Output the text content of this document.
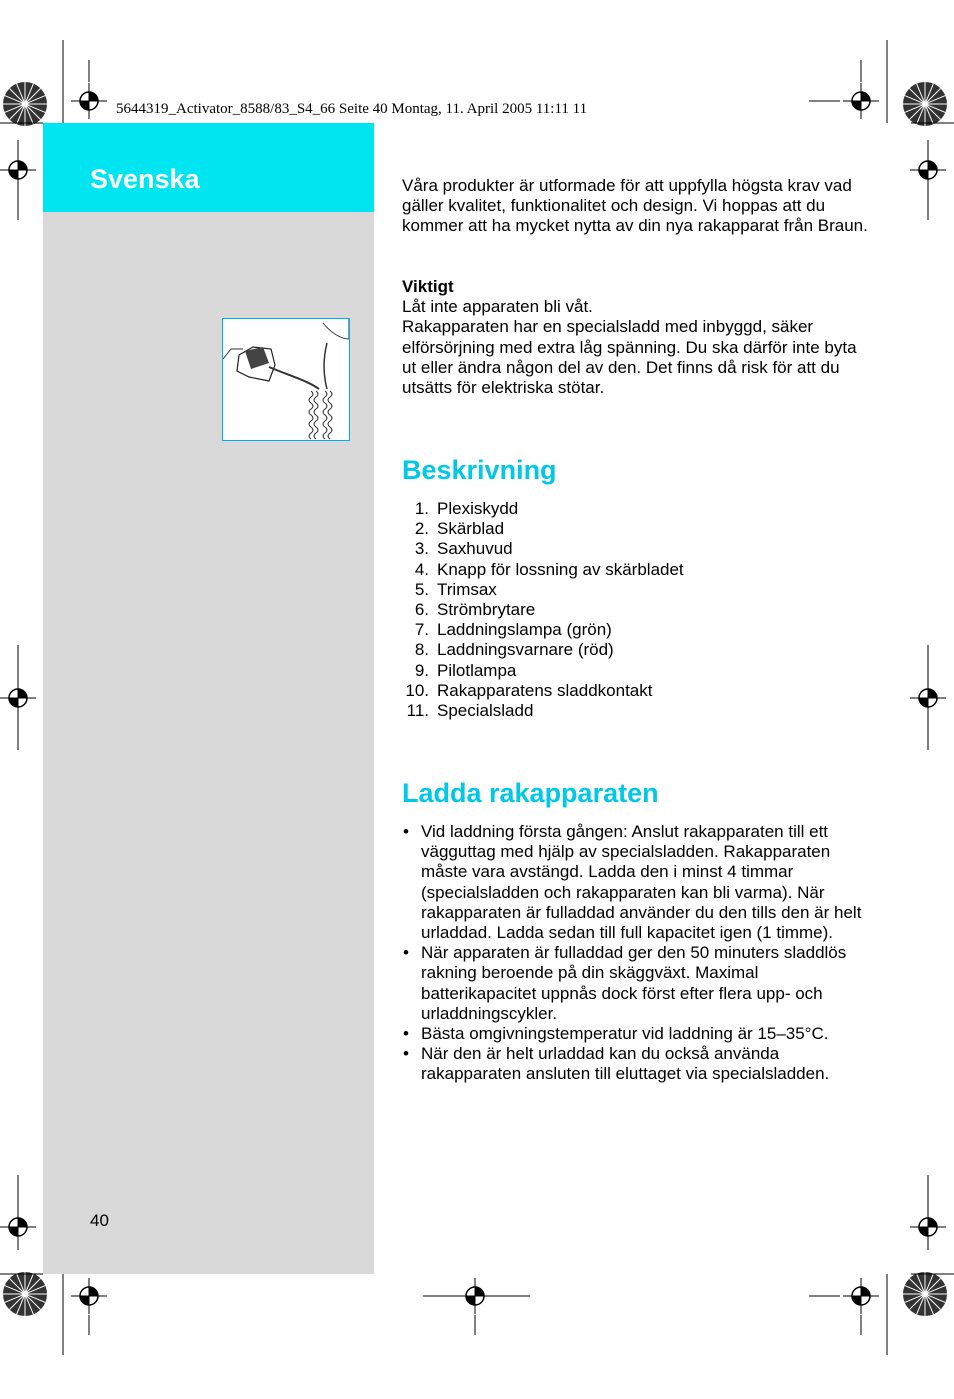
5644319_Activator_8588/83_S4_66 Seite 40 Montag, 11. April 2005 11:11 11
Svenska
40

Våra produkter är utformade för att uppfylla högsta krav vad gäller kvalitet, funktionalitet och design. Vi hoppas att du kommer att ha mycket nytta av din nya rakapparat från Braun.

Viktigt

Låt inte apparaten bli våt.

Rakapparaten har en specialsladd med inbyggd, säker elförsörjning med extra låg spänning. Du ska därför inte byta ut eller ändra någon del av den. Det finns då risk för att du utsätts för elektriska stötar.

Beskrivning
1. Plexiskydd
2. Skärblad
3. Saxhuvud
4. Knapp för lossning av skärbladet
5. Trimsax
6. Strömbrytare
7. Laddningslampa (grön)
8. Laddningsvarnare (röd)
9. Pilotlampa
10. Rakapparatens sladdkontakt
11. Specialsladd
Ladda rakapparaten
• Vid laddning första gången: Anslut rakapparaten till ett vägguttag med hjälp av specialsladden. Rakapparaten måste vara avstängd. Ladda den i minst 4 timmar (specialsladden och rakapparaten kan bli varma). När rakapparaten är fulladdad använder du den tills den är helt urladdad. Ladda sedan till full kapacitet igen (1 timme).
• När apparaten är fulladdad ger den 50 minuters sladdlös rakning beroende på din skäggväxt. Maximal batterikapacitet uppnås dock först efter flera upp- och urladdningscykler.
• Bästa omgivningstemperatur vid laddning är 15–35°C.
• När den är helt urladdad kan du också använda rakapparaten ansluten till eluttaget via specialsladden.
